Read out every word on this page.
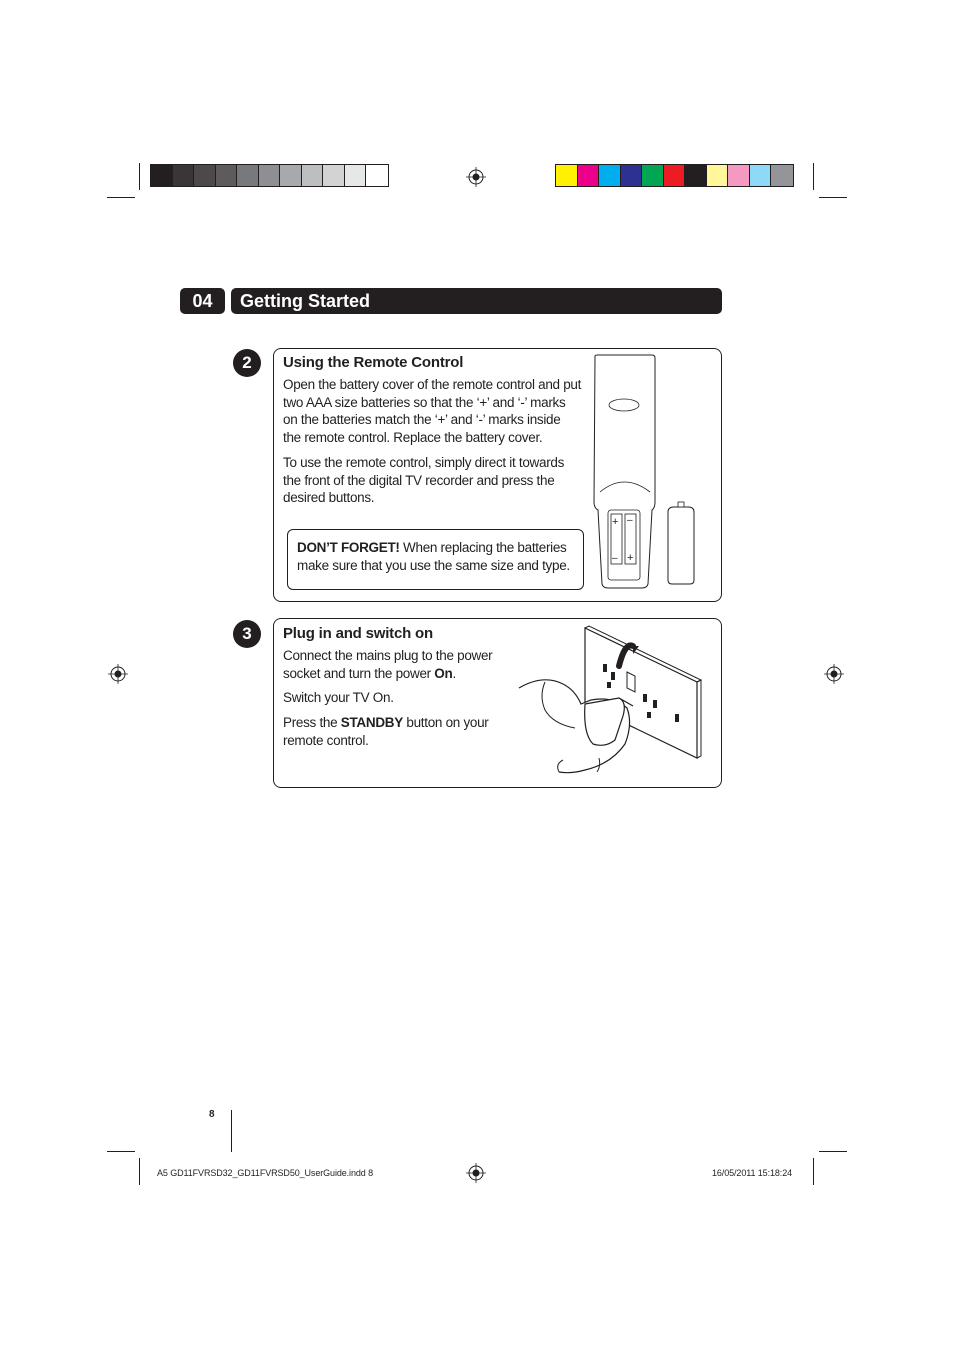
04	Getting Started
2	Using the Remote Control
Open the battery cover of the remote control and put
two AAA size batteries so that the ‘+’ and ‘-’ marks
on the batteries match the ‘+’ and ‘-’ marks inside
the remote control. Replace the battery cover.
To use the remote control, simply direct it towards
the front of the digital TV recorder and press the
desired buttons.
DON’T FORGET! When replacing the batteries
make sure that you use the same size and type.
+ –
– +
3	Plug in and switch on
Connect the mains plug to the power
socket and turn the power On.
Switch your TV On.
Press the STANDBY button on your
remote control.
8
A5 GD11FVRSD32_GD11FVRSD50_UserGuide.indd 8	16/05/2011 15:18:24
